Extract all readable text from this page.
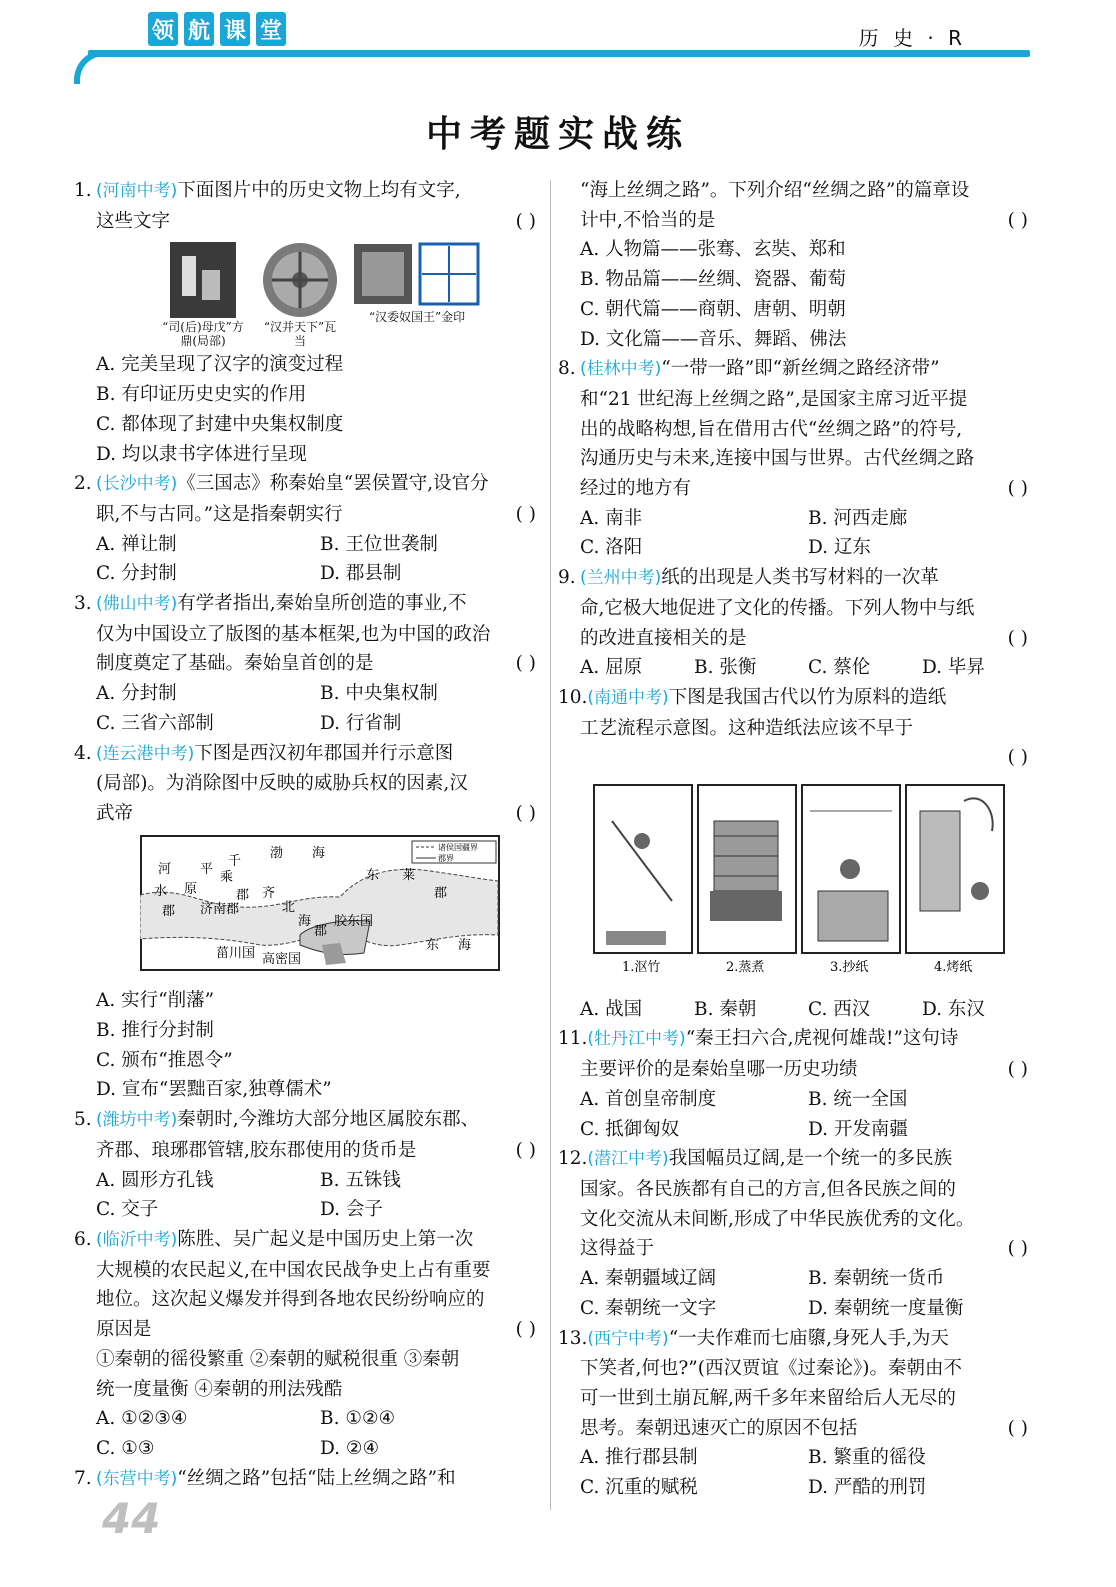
领 航 课 堂	历 史 · R
中考题实战练
1. (河南中考)下面图片中的历史文物上均有文字,
这些文字	( )
“司(后)母戊”方鼎(局部)
“汉并天下”瓦当
“汉委奴国王”金印
A. 完美呈现了汉字的演变过程
B. 有印证历史史实的作用
C. 都体现了封建中央集权制度
D. 均以隶书字体进行呈现
2. (长沙中考)《三国志》称秦始皇“罢侯置守,设官分
职,不与古同。”这是指秦朝实行	( )
A. 禅让制	B. 王位世袭制
C. 分封制	D. 郡县制
3. (佛山中考)有学者指出,秦始皇所创造的事业,不
仅为中国设立了版图的基本框架,也为中国的政治
制度奠定了基础。秦始皇首创的是	( )
A. 分封制	B. 中央集权制
C. 三省六部制	D. 行省制
4. (连云港中考)下图是西汉初年郡国并行示意图
(局部)。为消除图中反映的威胁兵权的因素,汉
武帝	( )
诸侯国疆界
郡界
渤 海
东 莱
郡
平
原
千
乘
河
水
郡 济南郡
郡 齐
北
海
郡
胶东国
东 海
菑川国 高密国
A. 实行“削藩”
B. 推行分封制
C. 颁布“推恩令”
D. 宣布“罢黜百家,独尊儒术”
5. (潍坊中考)秦朝时,今潍坊大部分地区属胶东郡、
齐郡、琅琊郡管辖,胶东郡使用的货币是	( )
A. 圆形方孔钱	B. 五铢钱
C. 交子	D. 会子
6. (临沂中考)陈胜、吴广起义是中国历史上第一次
大规模的农民起义,在中国农民战争史上占有重要
地位。这次起义爆发并得到各地农民纷纷响应的
原因是	( )
①秦朝的徭役繁重 ②秦朝的赋税很重 ③秦朝
统一度量衡 ④秦朝的刑法残酷
A. ①②③④	B. ①②④
C. ①③	D. ②④
7. (东营中考)“丝绸之路”包括“陆上丝绸之路”和
“海上丝绸之路”。下列介绍“丝绸之路”的篇章设
计中,不恰当的是	( )
A. 人物篇——张骞、玄奘、郑和
B. 物品篇——丝绸、瓷器、葡萄
C. 朝代篇——商朝、唐朝、明朝
D. 文化篇——音乐、舞蹈、佛法
8. (桂林中考)“一带一路”即“新丝绸之路经济带”
和“21 世纪海上丝绸之路”,是国家主席习近平提
出的战略构想,旨在借用古代“丝绸之路”的符号,
沟通历史与未来,连接中国与世界。古代丝绸之路
经过的地方有	( )
A. 南非	B. 河西走廊
C. 洛阳	D. 辽东
9. (兰州中考)纸的出现是人类书写材料的一次革
命,它极大地促进了文化的传播。下列人物中与纸
的改进直接相关的是	( )
A. 屈原	B. 张衡	C. 蔡伦	D. 毕昇
10.(南通中考)下图是我国古代以竹为原料的造纸
工艺流程示意图。这种造纸法应该不早于
( )

1.沤竹	2.蒸煮	3.抄纸	4.烤纸
A. 战国	B. 秦朝	C. 西汉	D. 东汉
11.(牡丹江中考)“秦王扫六合,虎视何雄哉!”这句诗
主要评价的是秦始皇哪一历史功绩	( )
A. 首创皇帝制度	B. 统一全国
C. 抵御匈奴	D. 开发南疆
12.(潜江中考)我国幅员辽阔,是一个统一的多民族
国家。各民族都有自己的方言,但各民族之间的
文化交流从未间断,形成了中华民族优秀的文化。
这得益于	( )
A. 秦朝疆域辽阔	B. 秦朝统一货币
C. 秦朝统一文字	D. 秦朝统一度量衡
13.(西宁中考)“一夫作难而七庙隳,身死人手,为天
下笑者,何也?”(西汉贾谊《过秦论》)。秦朝由不
可一世到土崩瓦解,两千多年来留给后人无尽的
思考。秦朝迅速灭亡的原因不包括	( )
A. 推行郡县制	B. 繁重的徭役
C. 沉重的赋税	D. 严酷的刑罚
44
